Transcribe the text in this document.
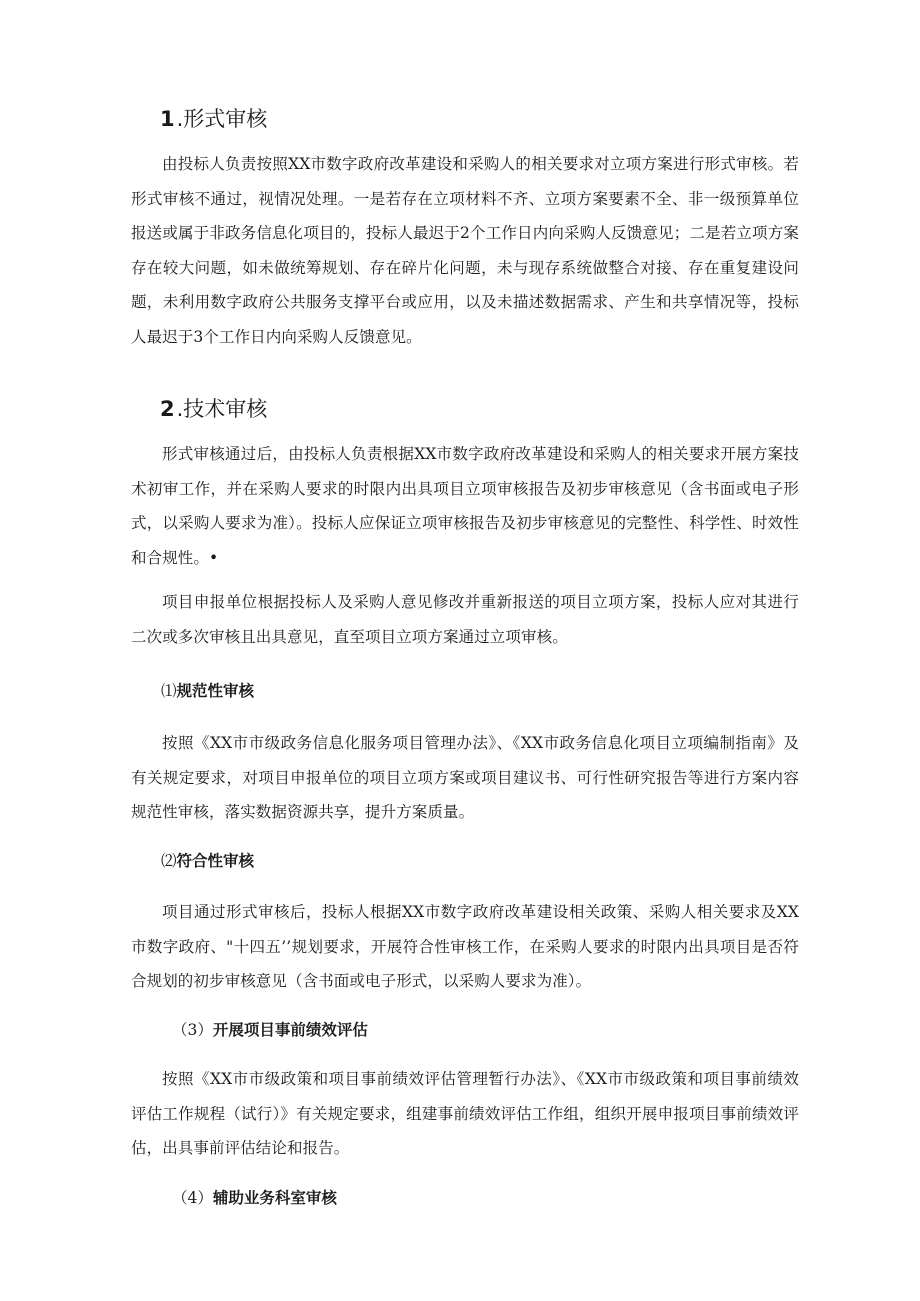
1.形式审核

由投标人负责按照XX市数字政府改革建设和采购人的相关要求对立项方案进行形式审核。若形式审核不通过，视情况处理。一是若存在立项材料不齐、立项方案要素不全、非一级预算单位报送或属于非政务信息化项目的，投标人最迟于2个工作日内向采购人反馈意见；二是若立项方案存在较大问题，如未做统筹规划、存在碎片化问题，未与现存系统做整合对接、存在重复建设问题，未利用数字政府公共服务支撑平台或应用，以及未描述数据需求、产生和共享情况等，投标人最迟于3个工作日内向采购人反馈意见。

2.技术审核

形式审核通过后，由投标人负责根据XX市数字政府改革建设和采购人的相关要求开展方案技术初审工作，并在采购人要求的时限内出具项目立项审核报告及初步审核意见（含书面或电子形式，以采购人要求为准）。投标人应保证立项审核报告及初步审核意见的完整性、科学性、时效性和合规性。•

项目申报单位根据投标人及采购人意见修改并重新报送的项目立项方案，投标人应对其进行二次或多次审核且出具意见，直至项目立项方案通过立项审核。

⑴规范性审核

按照《XX市市级政务信息化服务项目管理办法》、《XX市政务信息化项目立项编制指南》及有关规定要求，对项目申报单位的项目立项方案或项目建议书、可行性研究报告等进行方案内容规范性审核，落实数据资源共享，提升方案质量。

⑵符合性审核

项目通过形式审核后，投标人根据XX市数字政府改革建设相关政策、采购人相关要求及XX市数字政府、"十四五’’规划要求，开展符合性审核工作，在采购人要求的时限内出具项目是否符合规划的初步审核意见（含书面或电子形式，以采购人要求为准）。

（3）开展项目事前绩效评估

按照《XX市市级政策和项目事前绩效评估管理暂行办法》、《XX市市级政策和项目事前绩效评估工作规程（试行）》有关规定要求，组建事前绩效评估工作组，组织开展申报项目事前绩效评估，出具事前评估结论和报告。

（4）辅助业务科室审核
